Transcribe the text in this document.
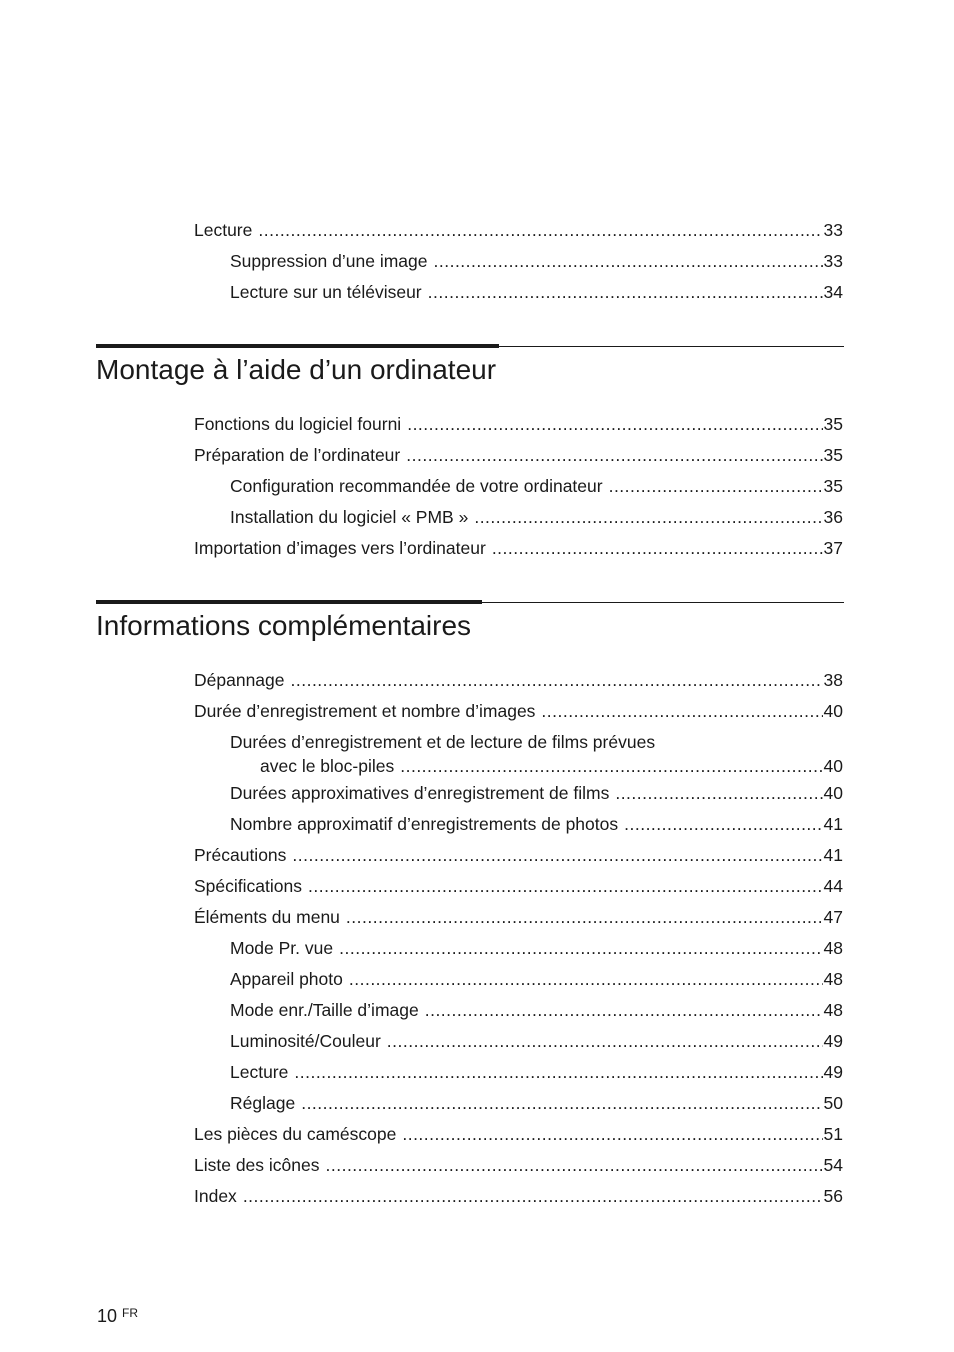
Lecture .....	33
Suppression d’une image .....	33
Lecture sur un téléviseur .....	34
Montage à l’aide d’un ordinateur
Fonctions du logiciel fourni .....	35
Préparation de l’ordinateur .....	35
Configuration recommandée de votre ordinateur .....	35
Installation du logiciel « PMB » .....	36
Importation d’images vers l’ordinateur .....	37
Informations complémentaires
Dépannage .....	38
Durée d’enregistrement et nombre d’images .....	40
Durées d’enregistrement et de lecture de films prévues
avec le bloc-piles .....	40
Durées approximatives d’enregistrement de films .....	40
Nombre approximatif d’enregistrements de photos .....	41
Précautions .....	41
Spécifications .....	44
Éléments du menu .....	47
Mode Pr. vue .....	48
Appareil photo .....	48
Mode enr./Taille d’image .....	48
Luminosité/Couleur .....	49
Lecture .....	49
Réglage .....	50
Les pièces du caméscope .....	51
Liste des icônes .....	54
Index .....	56
10 $^{FR}$
